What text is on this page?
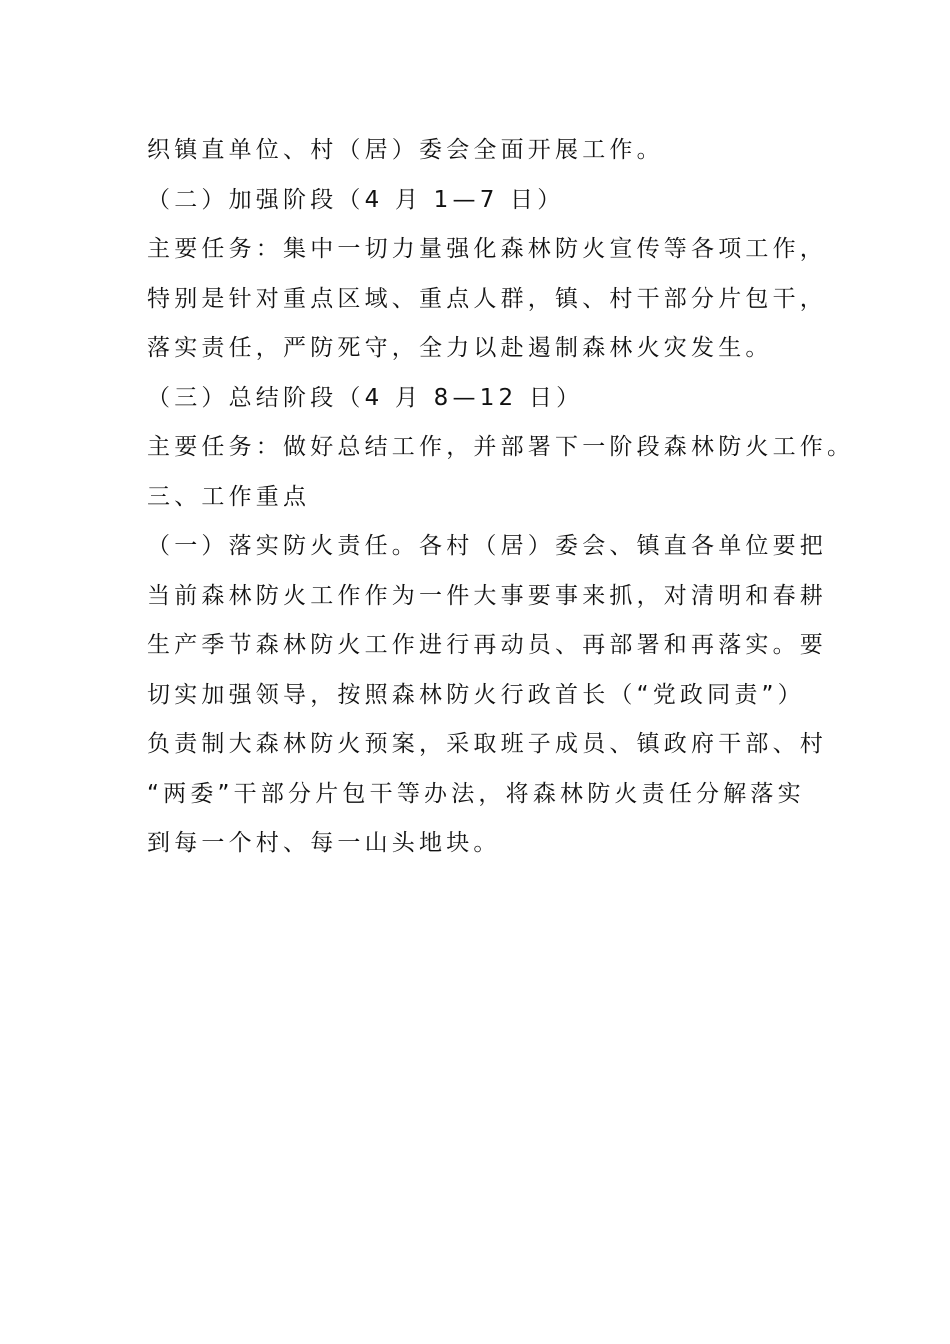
织镇直单位、村（居）委会全面开展工作。
（二）加强阶段（4 月 1—7 日）
主要任务：集中一切力量强化森林防火宣传等各项工作，
特别是针对重点区域、重点人群，镇、村干部分片包干，
落实责任，严防死守，全力以赴遏制森林火灾发生。
（三）总结阶段（4 月 8—12 日）
主要任务：做好总结工作，并部署下一阶段森林防火工作。
三、工作重点
（一）落实防火责任。各村（居）委会、镇直各单位要把
当前森林防火工作作为一件大事要事来抓，对清明和春耕
生产季节森林防火工作进行再动员、再部署和再落实。要
切实加强领导，按照森林防火行政首长（“党政同责”）
负责制大森林防火预案，采取班子成员、镇政府干部、村
“两委”干部分片包干等办法，将森林防火责任分解落实
到每一个村、每一山头地块。
